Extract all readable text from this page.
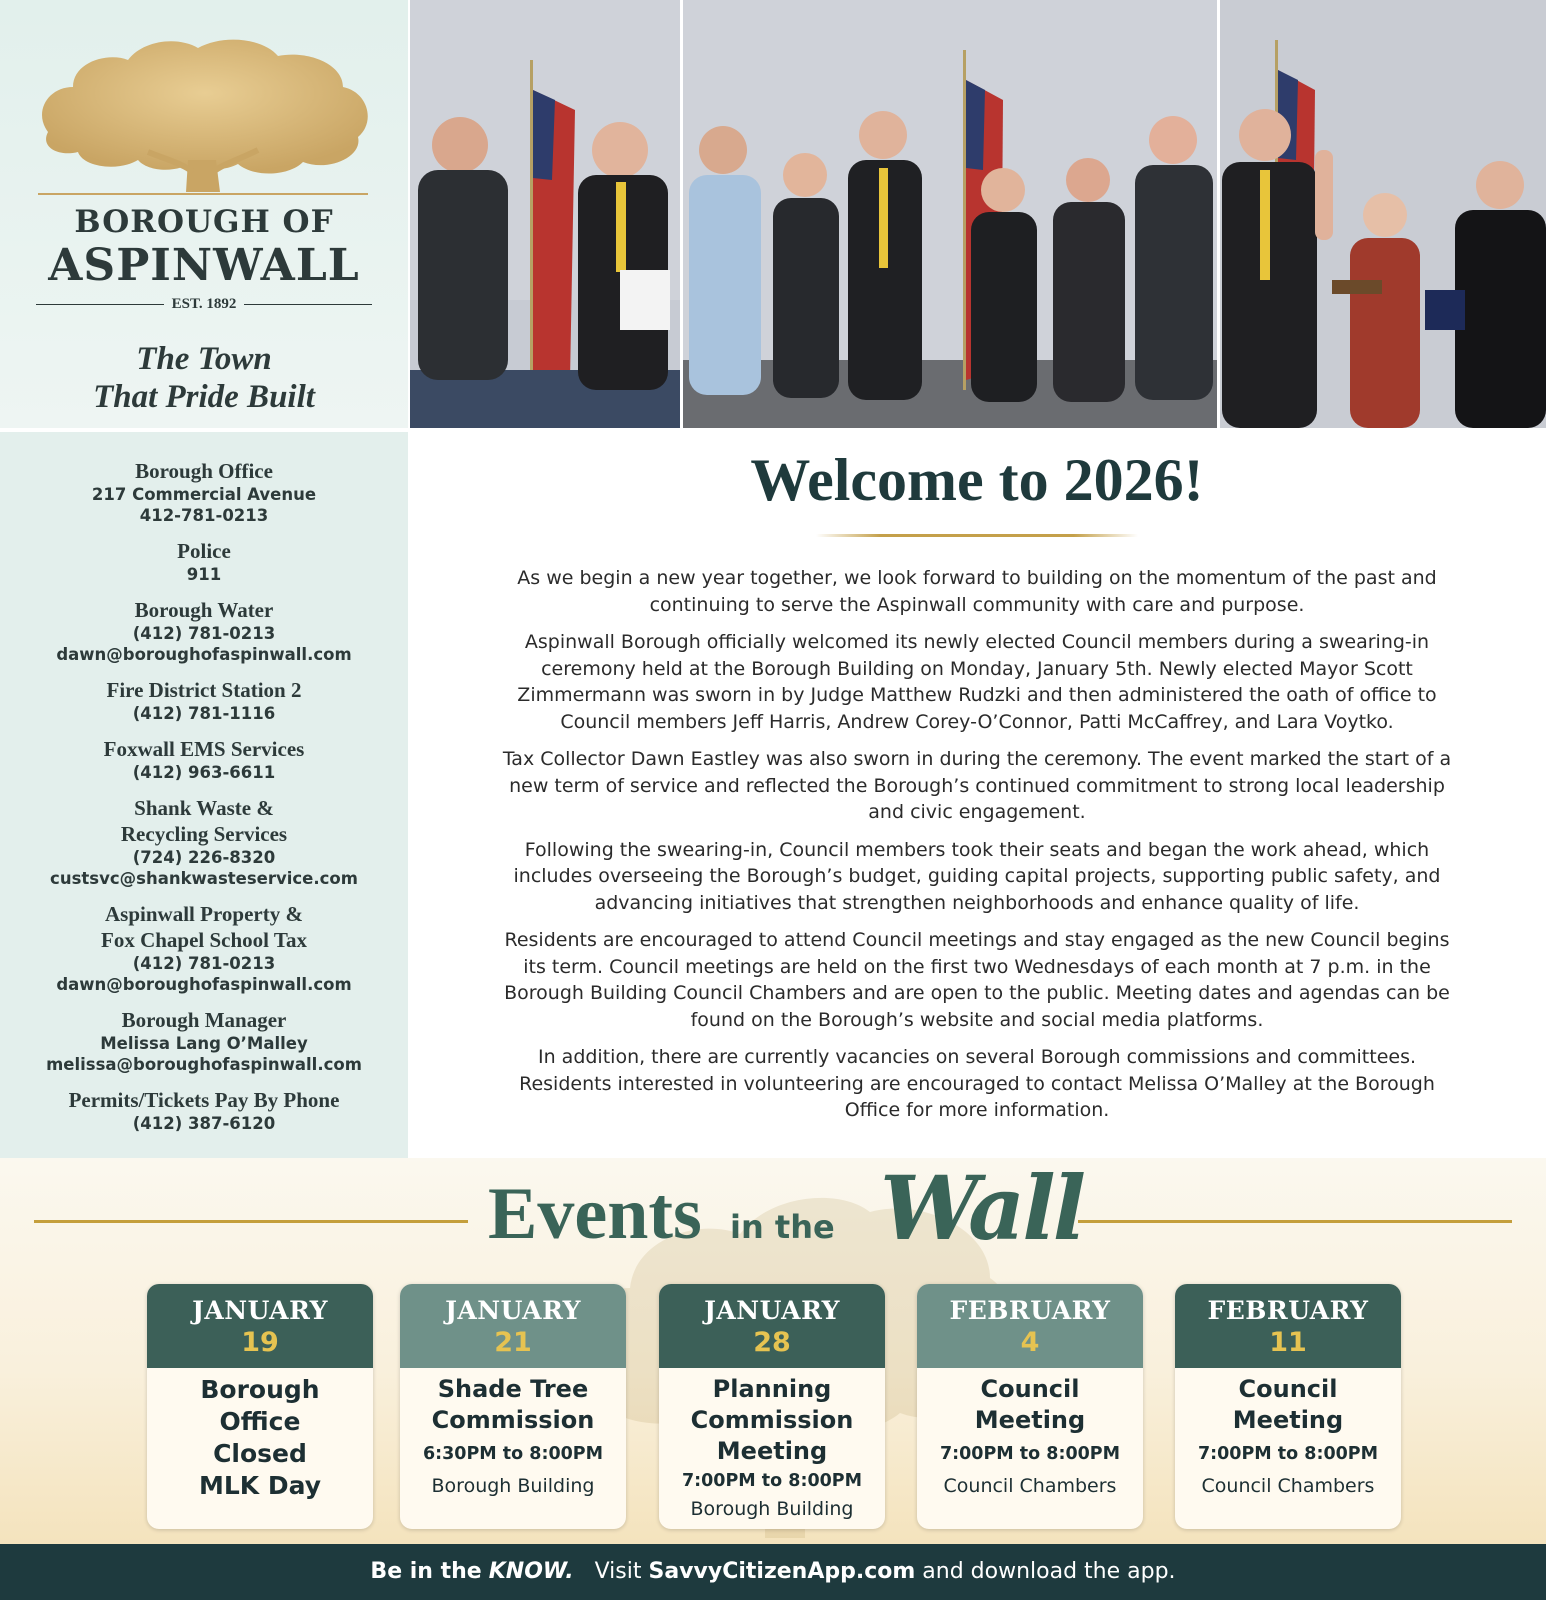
BOROUGH OF
ASPINWALL
EST. 1892
The Town
That Pride Built
Borough Office
217 Commercial Avenue
412-781-0213
Police
911
Borough Water
(412) 781-0213
dawn@boroughofaspinwall.com
Fire District Station 2
(412) 781-1116
Foxwall EMS Services
(412) 963-6611
Shank Waste &
Recycling Services
(724) 226-8320
custsvc@shankwasteservice.com
Aspinwall Property &
Fox Chapel School Tax
(412) 781-0213
dawn@boroughofaspinwall.com
Borough Manager
Melissa Lang O’Malley
melissa@boroughofaspinwall.com
Permits/Tickets Pay By Phone
(412) 387-6120
Welcome to 2026!

As we begin a new year together, we look forward to building on the momentum of the past and continuing to serve the Aspinwall community with care and purpose.

Aspinwall Borough officially welcomed its newly elected Council members during a swearing-in ceremony held at the Borough Building on Monday, January 5th. Newly elected Mayor Scott Zimmermann was sworn in by Judge Matthew Rudzki and then administered the oath of office to Council members Jeff Harris, Andrew Corey-O’Connor, Patti McCaffrey, and Lara Voytko.

Tax Collector Dawn Eastley was also sworn in during the ceremony. The event marked the start of a new term of service and reflected the Borough’s continued commitment to strong local leadership and civic engagement.

Following the swearing-in, Council members took their seats and began the work ahead, which includes overseeing the Borough’s budget, guiding capital projects, supporting public safety, and advancing initiatives that strengthen neighborhoods and enhance quality of life.

Residents are encouraged to attend Council meetings and stay engaged as the new Council begins its term. Council meetings are held on the first two Wednesdays of each month at 7 p.m. in the Borough Building Council Chambers and are open to the public. Meeting dates and agendas can be found on the Borough’s website and social media platforms.

In addition, there are currently vacancies on several Borough commissions and committees. Residents interested in volunteering are encouraged to contact Melissa O’Malley at the Borough Office for more information.

Events in the Wall
JANUARY
19
Borough Office Closed MLK Day
JANUARY
21
Shade Tree Commission
6:30PM to 8:00PM
Borough Building
JANUARY
28
Planning Commission Meeting
7:00PM to 8:00PM
Borough Building
FEBRUARY
4
Council Meeting
7:00PM to 8:00PM
Council Chambers
FEBRUARY
11
Council Meeting
7:00PM to 8:00PM
Council Chambers
Be in the KNOW. Visit SavvyCitizenApp.com and download the app.
